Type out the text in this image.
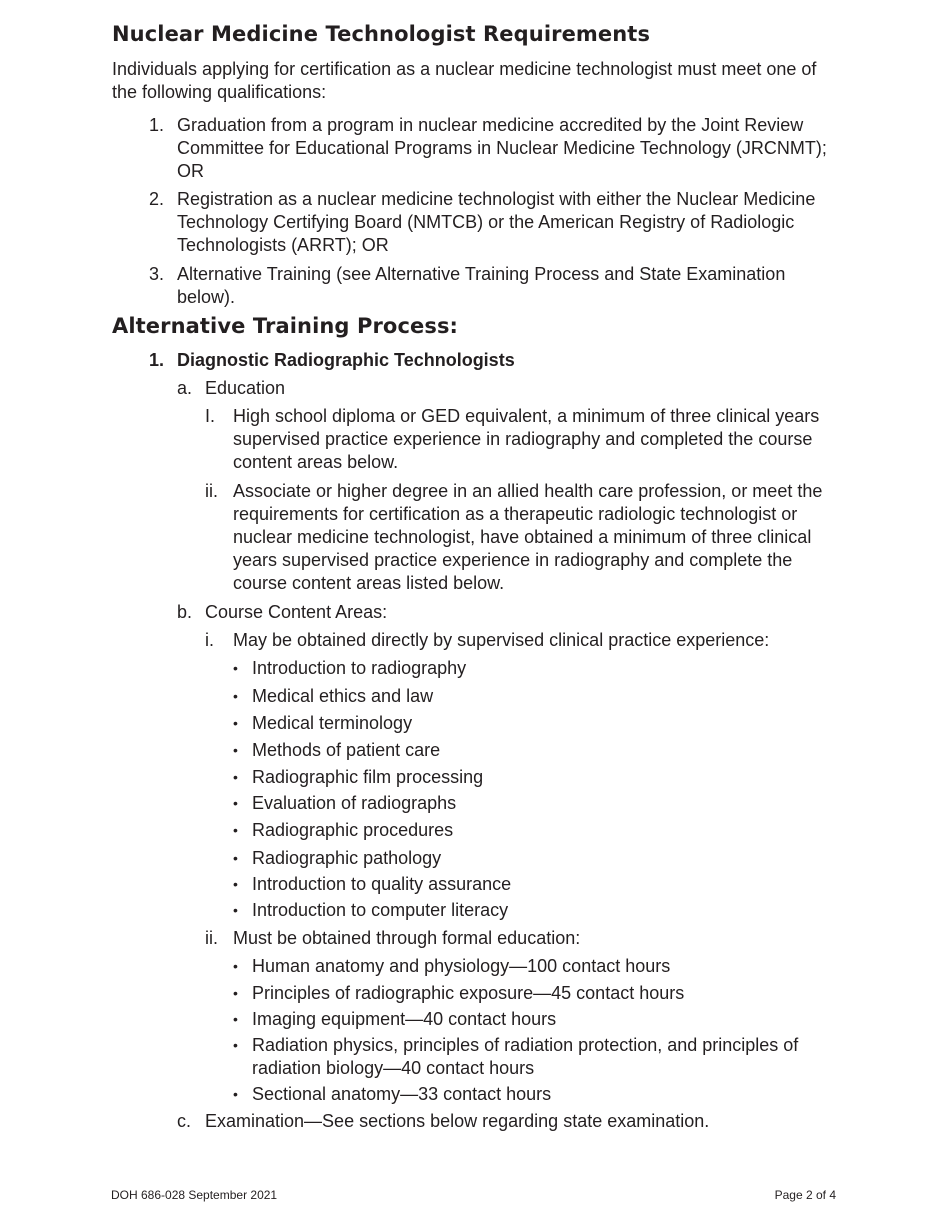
Nuclear Medicine Technologist Requirements
Individuals applying for certification as a nuclear medicine technologist must meet one of the following qualifications:
1. Graduation from a program in nuclear medicine accredited by the Joint Review Committee for Educational Programs in Nuclear Medicine Technology (JRCNMT); OR
2. Registration as a nuclear medicine technologist with either the Nuclear Medicine Technology Certifying Board (NMTCB) or the American Registry of Radiologic Technologists (ARRT); OR
3. Alternative Training (see Alternative Training Process and State Examination below).
Alternative Training Process:
1. Diagnostic Radiographic Technologists
a. Education
I. High school diploma or GED equivalent, a minimum of three clinical years supervised practice experience in radiography and completed the course content areas below.
ii. Associate or higher degree in an allied health care profession, or meet the requirements for certification as a therapeutic radiologic technologist or nuclear medicine technologist, have obtained a minimum of three clinical years supervised practice experience in radiography and complete the course content areas listed below.
b. Course Content Areas:
i. May be obtained directly by supervised clinical practice experience:
• Introduction to radiography
• Medical ethics and law
• Medical terminology
• Methods of patient care
• Radiographic film processing
• Evaluation of radiographs
• Radiographic procedures
• Radiographic pathology
• Introduction to quality assurance
• Introduction to computer literacy
ii. Must be obtained through formal education:
• Human anatomy and physiology—100 contact hours
• Principles of radiographic exposure—45 contact hours
• Imaging equipment—40 contact hours
• Radiation physics, principles of radiation protection, and principles of radiation biology—40 contact hours
• Sectional anatomy—33 contact hours
c. Examination—See sections below regarding state examination.
DOH 686-028 September 2021	Page 2 of 4
